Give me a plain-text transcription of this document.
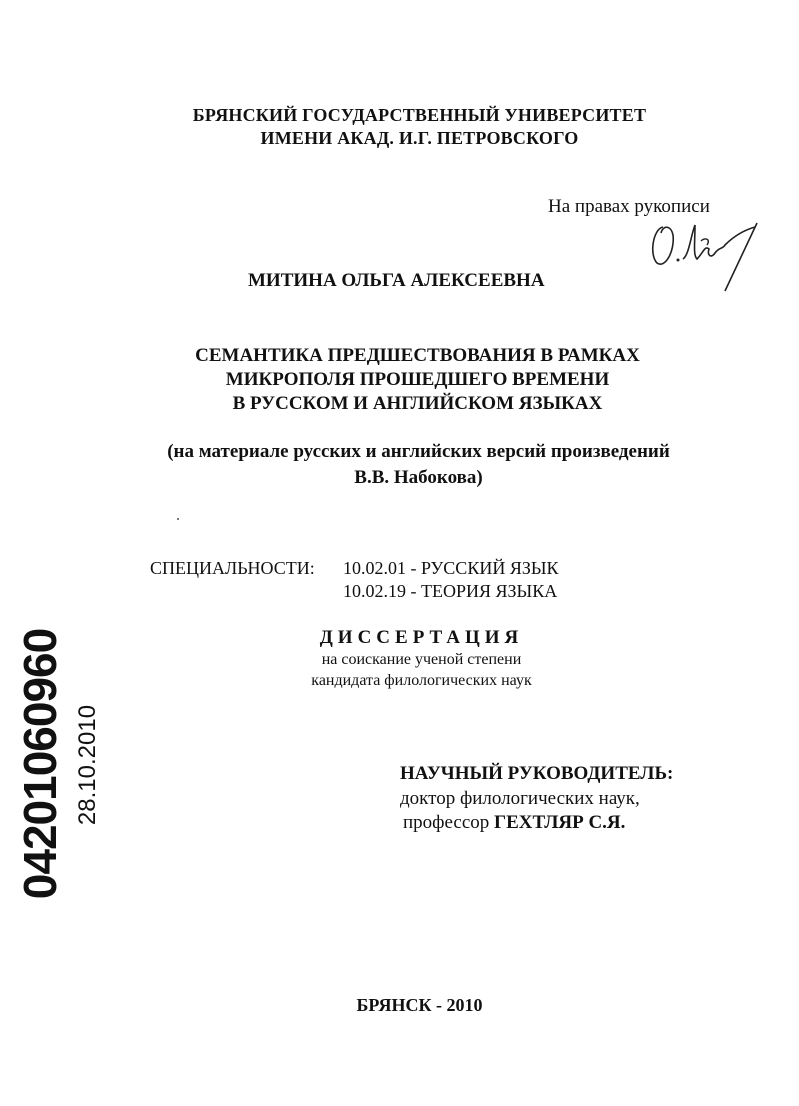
БРЯНСКИЙ ГОСУДАРСТВЕННЫЙ УНИВЕРСИТЕТ
ИМЕНИ АКАД. И.Г. ПЕТРОВСКОГО
На правах рукописи
МИТИНА ОЛЬГА АЛЕКСЕЕВНА
СЕМАНТИКА ПРЕДШЕСТВОВАНИЯ В РАМКАХ
МИКРОПОЛЯ ПРОШЕДШЕГО ВРЕМЕНИ
В РУССКОМ И АНГЛИЙСКОМ ЯЗЫКАХ
(на материале русских и английских версий произведений
В.В. Набокова)
СПЕЦИАЛЬНОСТИ: 10.02.01 - РУССКИЙ ЯЗЫК
10.02.19 - ТЕОРИЯ ЯЗЫКА
ДИССЕРТАЦИЯ
на соискание ученой степени
кандидата филологических наук
НАУЧНЫЙ РУКОВОДИТЕЛЬ:
доктор филологических наук,
профессор ГЕХТЛЯР С.Я.
БРЯНСК - 2010
04201060960 28.10.2010
